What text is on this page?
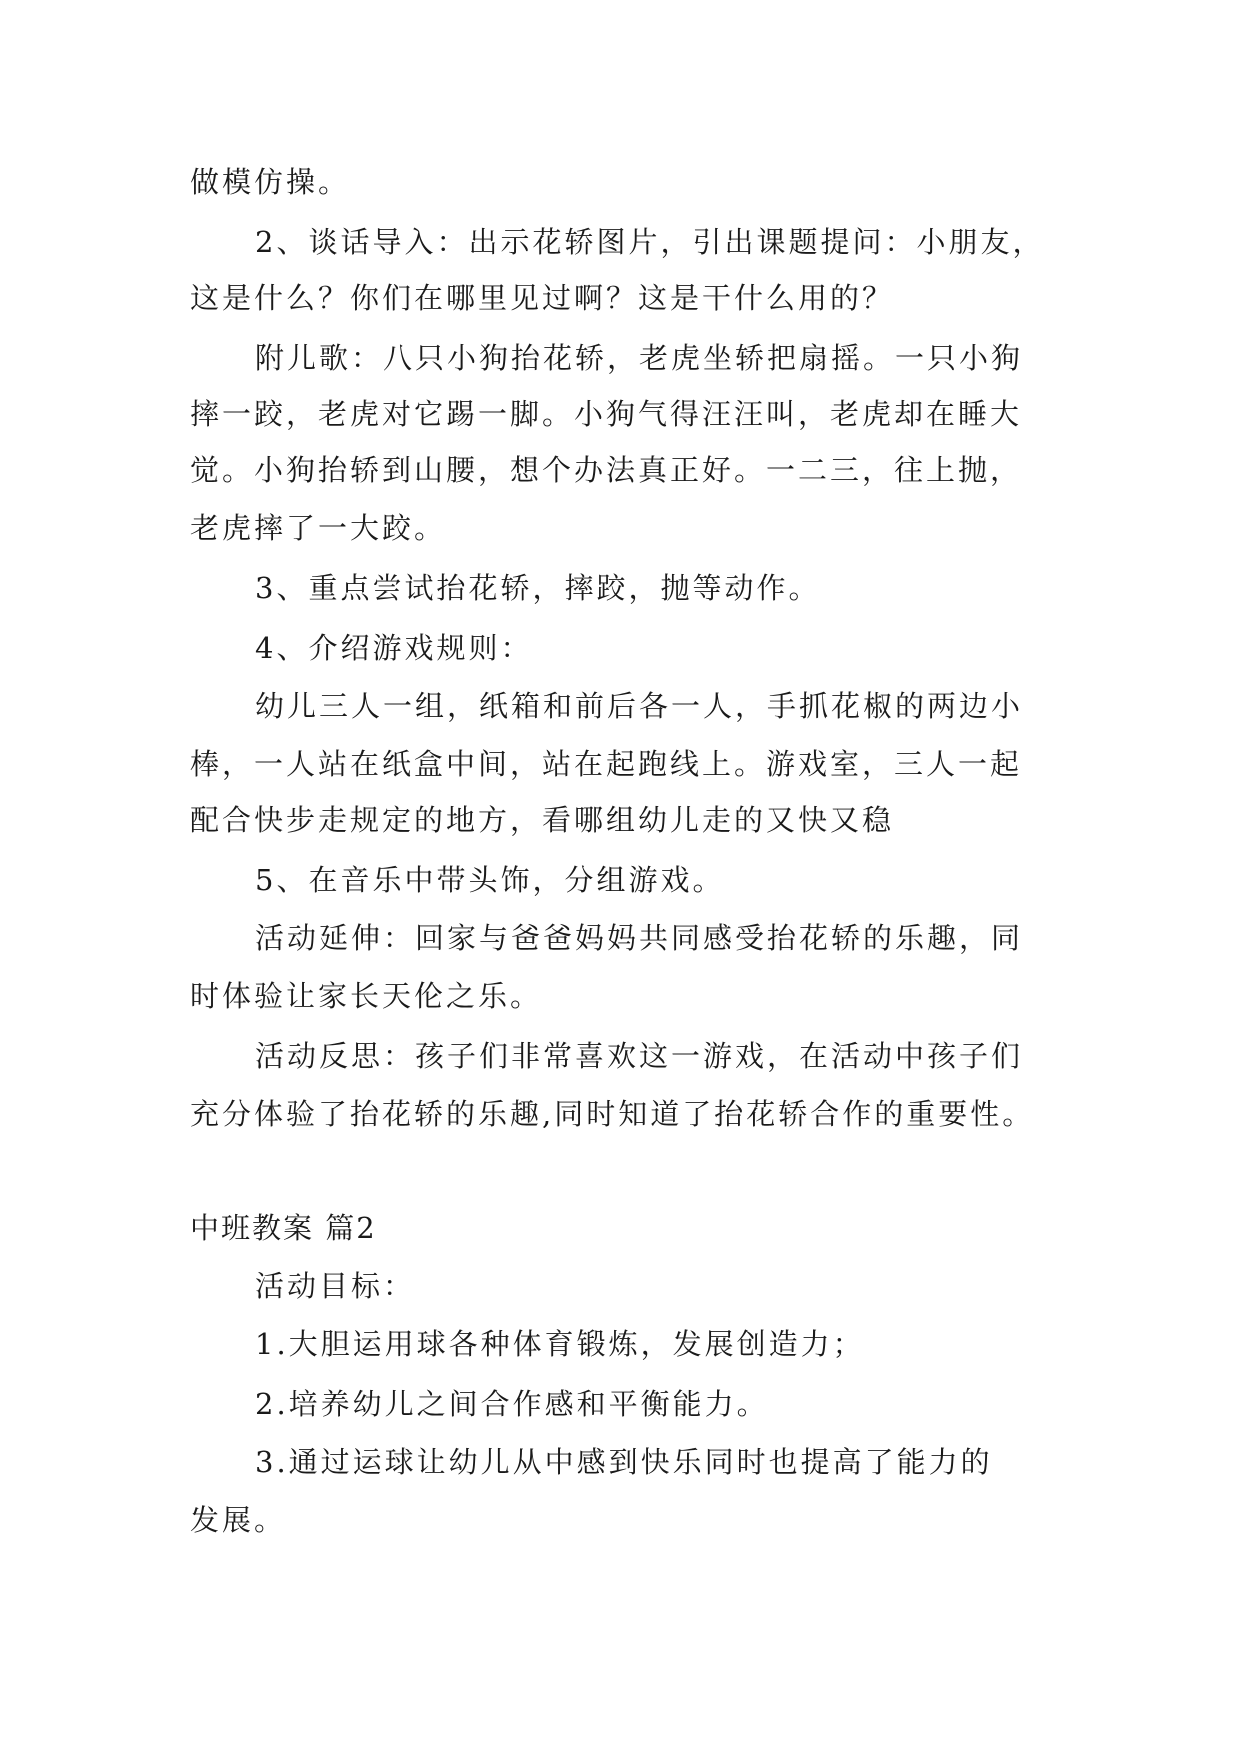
做模仿操。
2、谈话导入：出示花轿图片，引出课题提问：小朋友，
这是什么？你们在哪里见过啊？这是干什么用的？
附儿歌：八只小狗抬花轿，老虎坐轿把扇摇。一只小狗
摔一跤，老虎对它踢一脚。小狗气得汪汪叫，老虎却在睡大
觉。小狗抬轿到山腰，想个办法真正好。一二三，往上抛，
老虎摔了一大跤。
3、重点尝试抬花轿，摔跤，抛等动作。
4、介绍游戏规则：
幼儿三人一组，纸箱和前后各一人，手抓花椒的两边小
棒，一人站在纸盒中间，站在起跑线上。游戏室，三人一起
配合快步走规定的地方，看哪组幼儿走的又快又稳
5、在音乐中带头饰，分组游戏。
活动延伸：回家与爸爸妈妈共同感受抬花轿的乐趣，同
时体验让家长天伦之乐。
活动反思：孩子们非常喜欢这一游戏，在活动中孩子们
充分体验了抬花轿的乐趣,同时知道了抬花轿合作的重要性。
中班教案 篇2
活动目标：
1.大胆运用球各种体育锻炼，发展创造力；
2.培养幼儿之间合作感和平衡能力。
3.通过运球让幼儿从中感到快乐同时也提高了能力的
发展。
